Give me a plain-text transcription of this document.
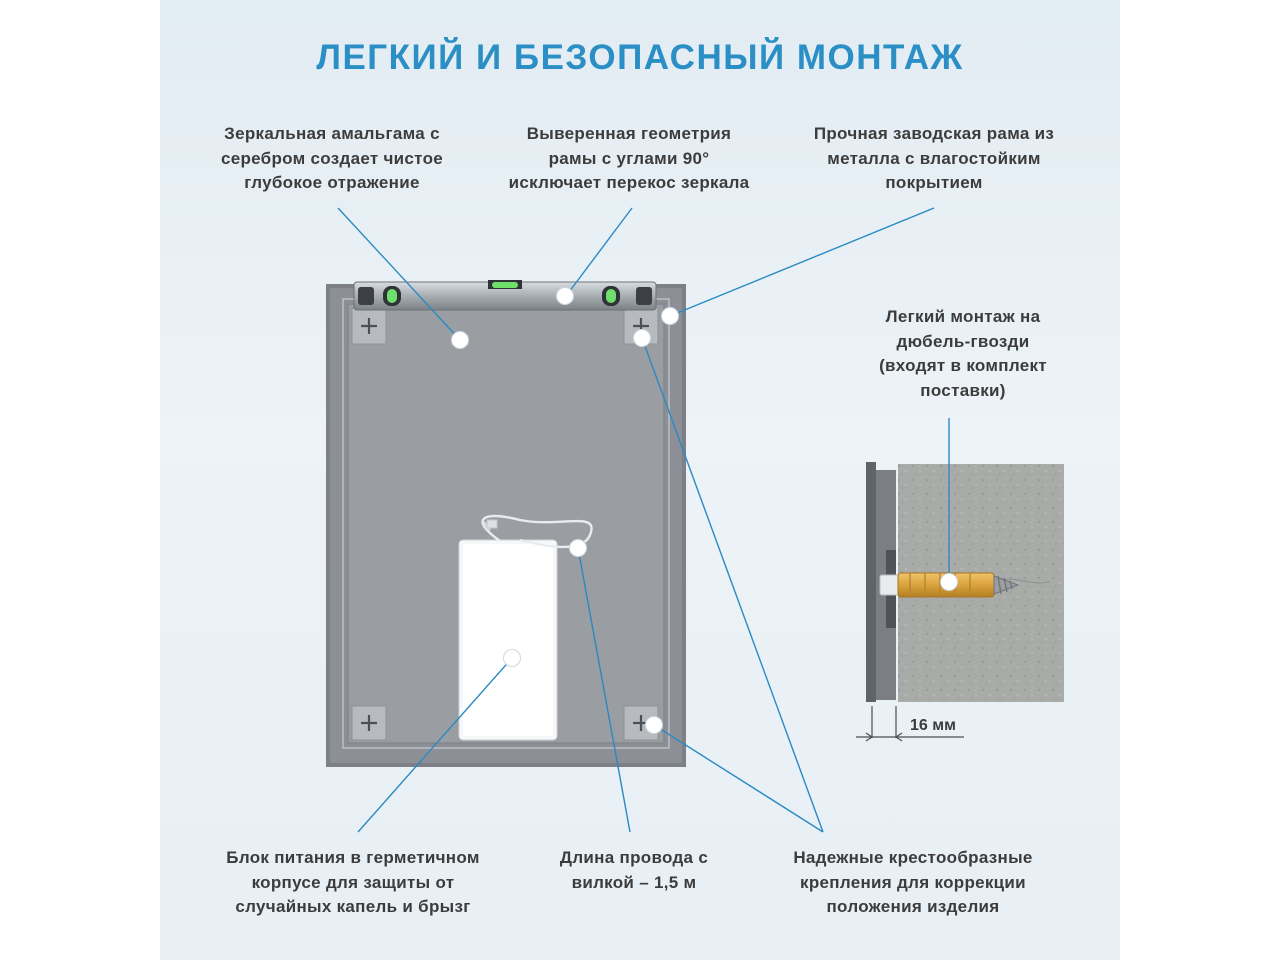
ЛЕГКИЙ И БЕЗОПАСНЫЙ МОНТАЖ
16 мм
Зеркальная амальгама с
серебром создает чистое
глубокое отражение
Выверенная геометрия
рамы с углами 90°
исключает перекос зеркала
Прочная заводская рама из
металла с влагостойким
покрытием
Легкий монтаж на
дюбель-гвозди
(входят в комплект
поставки)
Блок питания в герметичном
корпусе для защиты от
случайных капель и брызг
Длина провода с
вилкой – 1,5 м
Надежные крестообразные
крепления для коррекции
положения изделия
